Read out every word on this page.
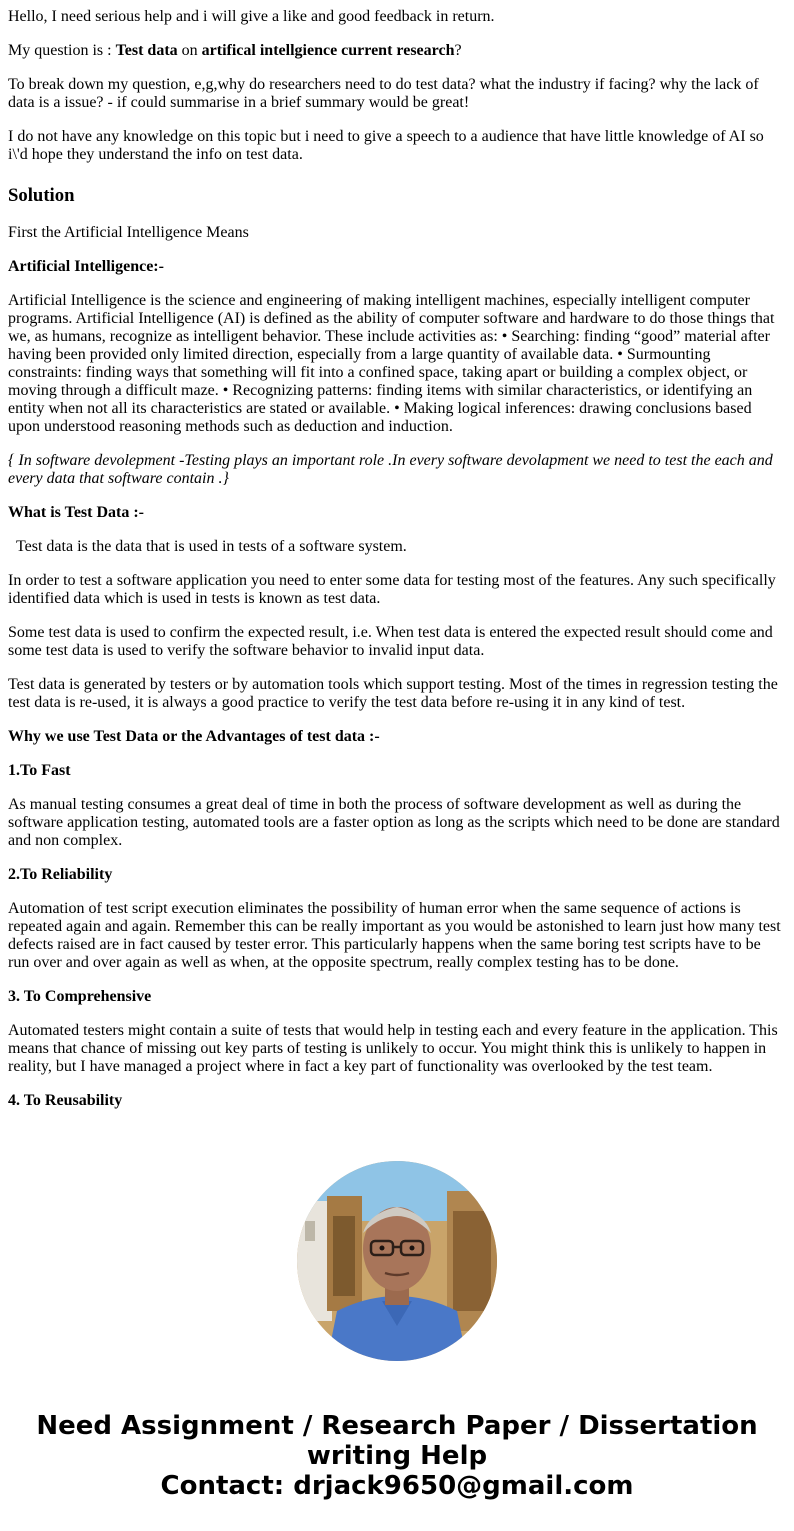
Hello, I need serious help and i will give a like and good feedback in return.

My question is : Test data on artifical intellgience current research?

To break down my question, e,g,why do researchers need to do test data? what the industry if facing? why the lack of data is a issue? - if could summarise in a brief summary would be great!

I do not have any knowledge on this topic but i need to give a speech to a audience that have little knowledge of AI so i\'d hope they understand the info on test data.

Solution

First the Artificial Intelligence Means

Artificial Intelligence:-

Artificial Intelligence is the science and engineering of making intelligent machines, especially intelligent computer programs. Artificial Intelligence (AI) is defined as the ability of computer software and hardware to do those things that we, as humans, recognize as intelligent behavior. These include activities as: • Searching: finding “good” material after having been provided only limited direction, especially from a large quantity of available data. • Surmounting constraints: finding ways that something will fit into a confined space, taking apart or building a complex object, or moving through a difficult maze. • Recognizing patterns: finding items with similar characteristics, or identifying an entity when not all its characteristics are stated or available. • Making logical inferences: drawing conclusions based upon understood reasoning methods such as deduction and induction.

{ In software devolepment -Testing plays an important role .In every software devolapment we need to test the each and every data that software contain .}

What is Test Data :-

Test data is the data that is used in tests of a software system.

In order to test a software application you need to enter some data for testing most of the features. Any such specifically identified data which is used in tests is known as test data.

Some test data is used to confirm the expected result, i.e. When test data is entered the expected result should come and some test data is used to verify the software behavior to invalid input data.

Test data is generated by testers or by automation tools which support testing. Most of the times in regression testing the test data is re-used, it is always a good practice to verify the test data before re-using it in any kind of test.

Why we use Test Data or the Advantages of test data :-

1.To Fast

As manual testing consumes a great deal of time in both the process of software development as well as during the software application testing, automated tools are a faster option as long as the scripts which need to be done are standard and non complex.

2.To Reliability

Automation of test script execution eliminates the possibility of human error when the same sequence of actions is repeated again and again. Remember this can be really important as you would be astonished to learn just how many test defects raised are in fact caused by tester error. This particularly happens when the same boring test scripts have to be run over and over again as well as when, at the opposite spectrum, really complex testing has to be done.

3. To Comprehensive

Automated testers might contain a suite of tests that would help in testing each and every feature in the application. This means that chance of missing out key parts of testing is unlikely to occur. You might think this is unlikely to happen in reality, but I have managed a project where in fact a key part of functionality was overlooked by the test team.

4. To Reusability

Need Assignment / Research Paper / Dissertation
writing Help
Contact: drjack9650@gmail.com
